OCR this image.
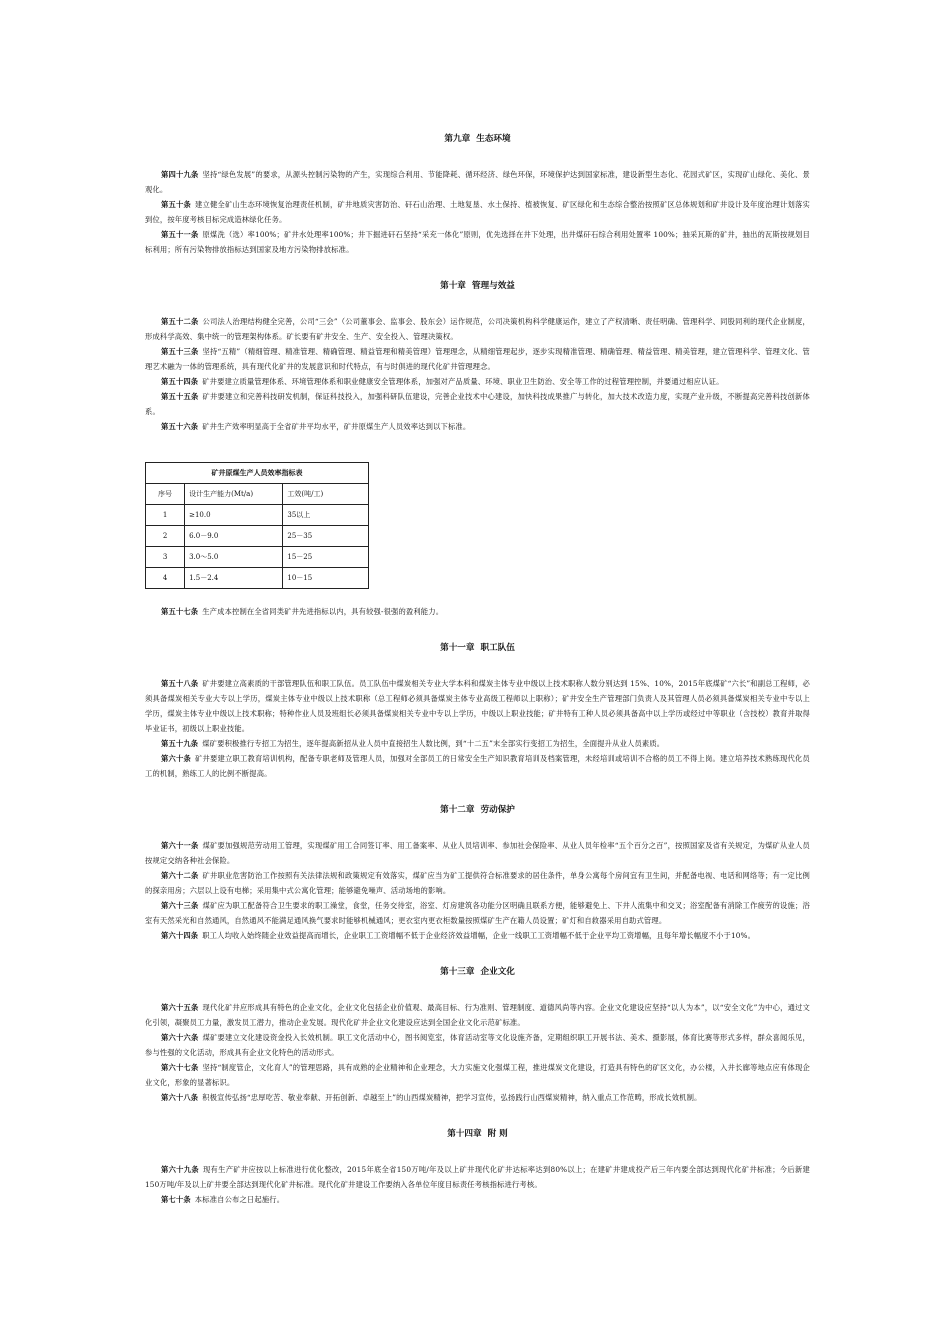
第九章 生态环境

第四十九条 坚持“绿色发展”的要求，从源头控制污染物的产生，实现综合利用、节能降耗、循环经济、绿色环保，环境保护达到国家标准，建设新型生态化、花园式矿区，实现矿山绿化、美化、景观化。

第五十条 建立健全矿山生态环境恢复治理责任机制，矿井地质灾害防治、矸石山治理、土地复垦、水土保持、植被恢复、矿区绿化和生态综合整治按照矿区总体规划和矿井设计及年度治理计划落实到位，按年度考核目标完成造林绿化任务。

第五十一条 原煤洗（选）率100%；矿井水处理率100%；井下掘进矸石坚持“采充一体化”原则，优先选择在井下处理，出井煤矸石综合利用处置率 100%；抽采瓦斯的矿井，抽出的瓦斯按规划目标利用；所有污染物排放指标达到国家及地方污染物排放标准。

第十章 管理与效益

第五十二条 公司法人治理结构健全完善，公司“三会”（公司董事会、监事会、股东会）运作规范，公司决策机构科学健康运作，建立了产权清晰、责任明确、管理科学、同股同利的现代企业制度，形成科学高效、集中统一的管理架构体系。矿长要有矿井安全、生产、安全投入、管理决策权。

第五十三条 坚持“五精”（精细管理、精准管理、精确管理、精益管理和精美管理）管理理念，从精细管理起步，逐步实现精准管理、精确管理、精益管理、精美管理，建立管理科学、管理文化、管理艺术融为一体的管理系统，具有现代化矿井的发展意识和时代特点，有与时俱进的现代化矿井管理理念。

第五十四条 矿井要建立质量管理体系、环境管理体系和职业健康安全管理体系，加强对产品质量、环境、职业卫生防治、安全等工作的过程管理控制，并要通过相应认证。

第五十五条 矿井要建立和完善科技研发机制，保证科技投入，加强科研队伍建设，完善企业技术中心建设，加快科技成果推广与转化，加大技术改造力度，实现产业升级，不断提高完善科技创新体系。

第五十六条 矿井生产效率明显高于全省矿井平均水平，矿井原煤生产人员效率达到以下标准。

矿井原煤生产人员效率指标表		
序号	设计生产能力(Mt/a)	工效(吨/工)
1	≥10.0	35以上
2	6.0－9.0	25－35
3	3.0～5.0	15－25
4	1.5－2.4	10－15

第五十七条 生产成本控制在全省同类矿井先进指标以内，具有较强-很强的盈利能力。

第十一章 职工队伍

第五十八条 矿井要建立高素质的干部管理队伍和职工队伍。员工队伍中煤炭相关专业大学本科和煤炭主体专业中级以上技术职称人数分别达到 15%、10%，2015年底煤矿“六长”和副总工程师，必须具备煤炭相关专业大专以上学历，煤炭主体专业中级以上技术职称（总工程师必须具备煤炭主体专业高级工程师以上职称）；矿井安全生产管理部门负责人及其管理人员必须具备煤炭相关专业中专以上学历，煤炭主体专业中级以上技术职称；特种作业人员及班组长必须具备煤炭相关专业中专以上学历，中级以上职业技能；矿井特有工种人员必须具备高中以上学历或经过中等职业（含技校）教育并取得毕业证书，初级以上职业技能。

第五十九条 煤矿要积极推行专招工为招生，逐年提高新招从业人员中直接招生人数比例，到“十二五”末全部实行变招工为招生，全面提升从业人员素质。

第六十条 矿井要建立职工教育培训机构，配备专职老师及管理人员，加强对全部员工的日常安全生产知识教育培训及档案管理，未经培训或培训不合格的员工不得上岗。建立培养技术熟练现代化员工的机制，熟练工人的比例不断提高。

第十二章 劳动保护

第六十一条 煤矿要加强规范劳动用工管理，实现煤矿用工合同签订率、用工备案率、从业人员培训率、参加社会保险率、从业人员年检率“五个百分之百”，按照国家及省有关规定，为煤矿从业人员按规定交纳各种社会保险。

第六十二条 矿井职业危害防治工作按照有关法律法规和政策规定有效落实，煤矿应当为矿工提供符合标准要求的居住条件，单身公寓每个房间宜有卫生间，并配备电视、电话和网络等；有一定比例的探亲用房；六层以上设有电梯；采用集中式公寓化管理；能够避免噪声、活动场地的影响。

第六十三条 煤矿应为职工配备符合卫生要求的职工澡堂，食堂，任务交待室，浴室、灯房建筑各功能分区明确且联系方便，能够避免上、下井人流集中和交叉；浴室配备有消除工作疲劳的设施；浴室有天然采光和自然通风，自然通风不能满足通风换气要求时能够机械通风；更衣室内更衣柜数量按照煤矿生产在籍人员设置；矿灯和自救器采用自助式管理。

第六十四条 职工人均收入始终随企业效益提高而增长，企业职工工资增幅不低于企业经济效益增幅，企业一线职工工资增幅不低于企业平均工资增幅，且每年增长幅度不小于10%。

第十三章 企业文化

第六十五条 现代化矿井应形成具有特色的企业文化，企业文化包括企业价值观、最高目标、行为准则、管理制度、道德风尚等内容。企业文化建设应坚持“以人为本”，以“安全文化”为中心，通过文化引领，凝聚员工力量，激发员工潜力，推动企业发展。现代化矿井企业文化建设应达到全国企业文化示范矿标准。

第六十六条 煤矿要建立文化建设资金投入长效机制。职工文化活动中心，图书阅览室，体育活动室等文化设施齐备，定期组织职工开展书法、美术、摄影展，体育比赛等形式多样，群众喜闻乐见，参与性强的文化活动，形成具有企业文化特色的活动形式。

第六十七条 坚持“制度管企，文化育人”的管理思路，具有成熟的企业精神和企业理念，大力实施文化强煤工程，推进煤炭文化建设，打造具有特色的矿区文化，办公楼，入井长廊等地点应有体现企业文化，形象的显著标识。

第六十八条 积极宣传弘扬“忠厚吃苦、敬业奉献、开拓创新、卓越至上”的山西煤炭精神，把学习宣传，弘扬践行山西煤炭精神，纳入重点工作范畴，形成长效机制。

第十四章 附 则

第六十九条 现有生产矿井应按以上标准进行优化整改，2015年底全省150万吨/年及以上矿井现代化矿井达标率达到80%以上；在建矿井建成投产后三年内要全部达到现代化矿井标准；今后新建150万吨/年及以上矿井要全部达到现代化矿井标准。现代化矿井建设工作要纳入各单位年度目标责任考核指标进行考核。

第七十条 本标准自公布之日起施行。
